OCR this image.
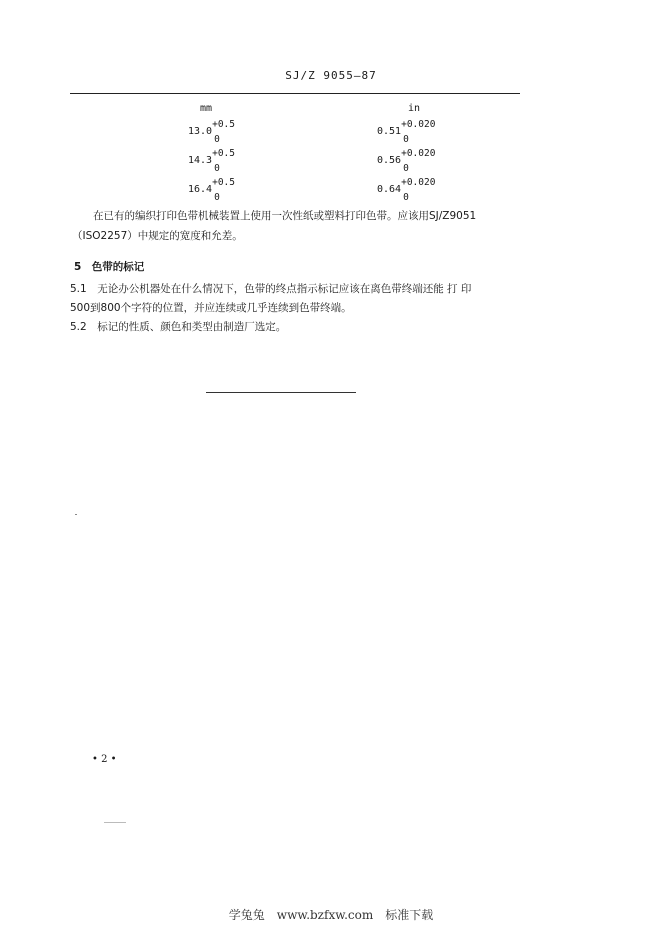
SJ/Z 9055—87
mm	in
13.0
+0.5
0
0.51
+0.020
0
14.3
+0.5
0
0.56
+0.020
0
16.4
+0.5
0
0.64
+0.020
0
在已有的编织打印色带机械装置上使用一次性纸或塑料打印色带。应该用SJ/Z9051
（ISO2257）中规定的宽度和允差。
5　色带的标记
5.1　无论办公机器处在什么情况下，色带的终点指示标记应该在离色带终端还能 打 印
500到800个字符的位置，并应连续或几乎连续到色带终端。
5.2　标记的性质、颜色和类型由制造厂选定。
• 2 •
学兔兔　www.bzfxw.com　标准下载
